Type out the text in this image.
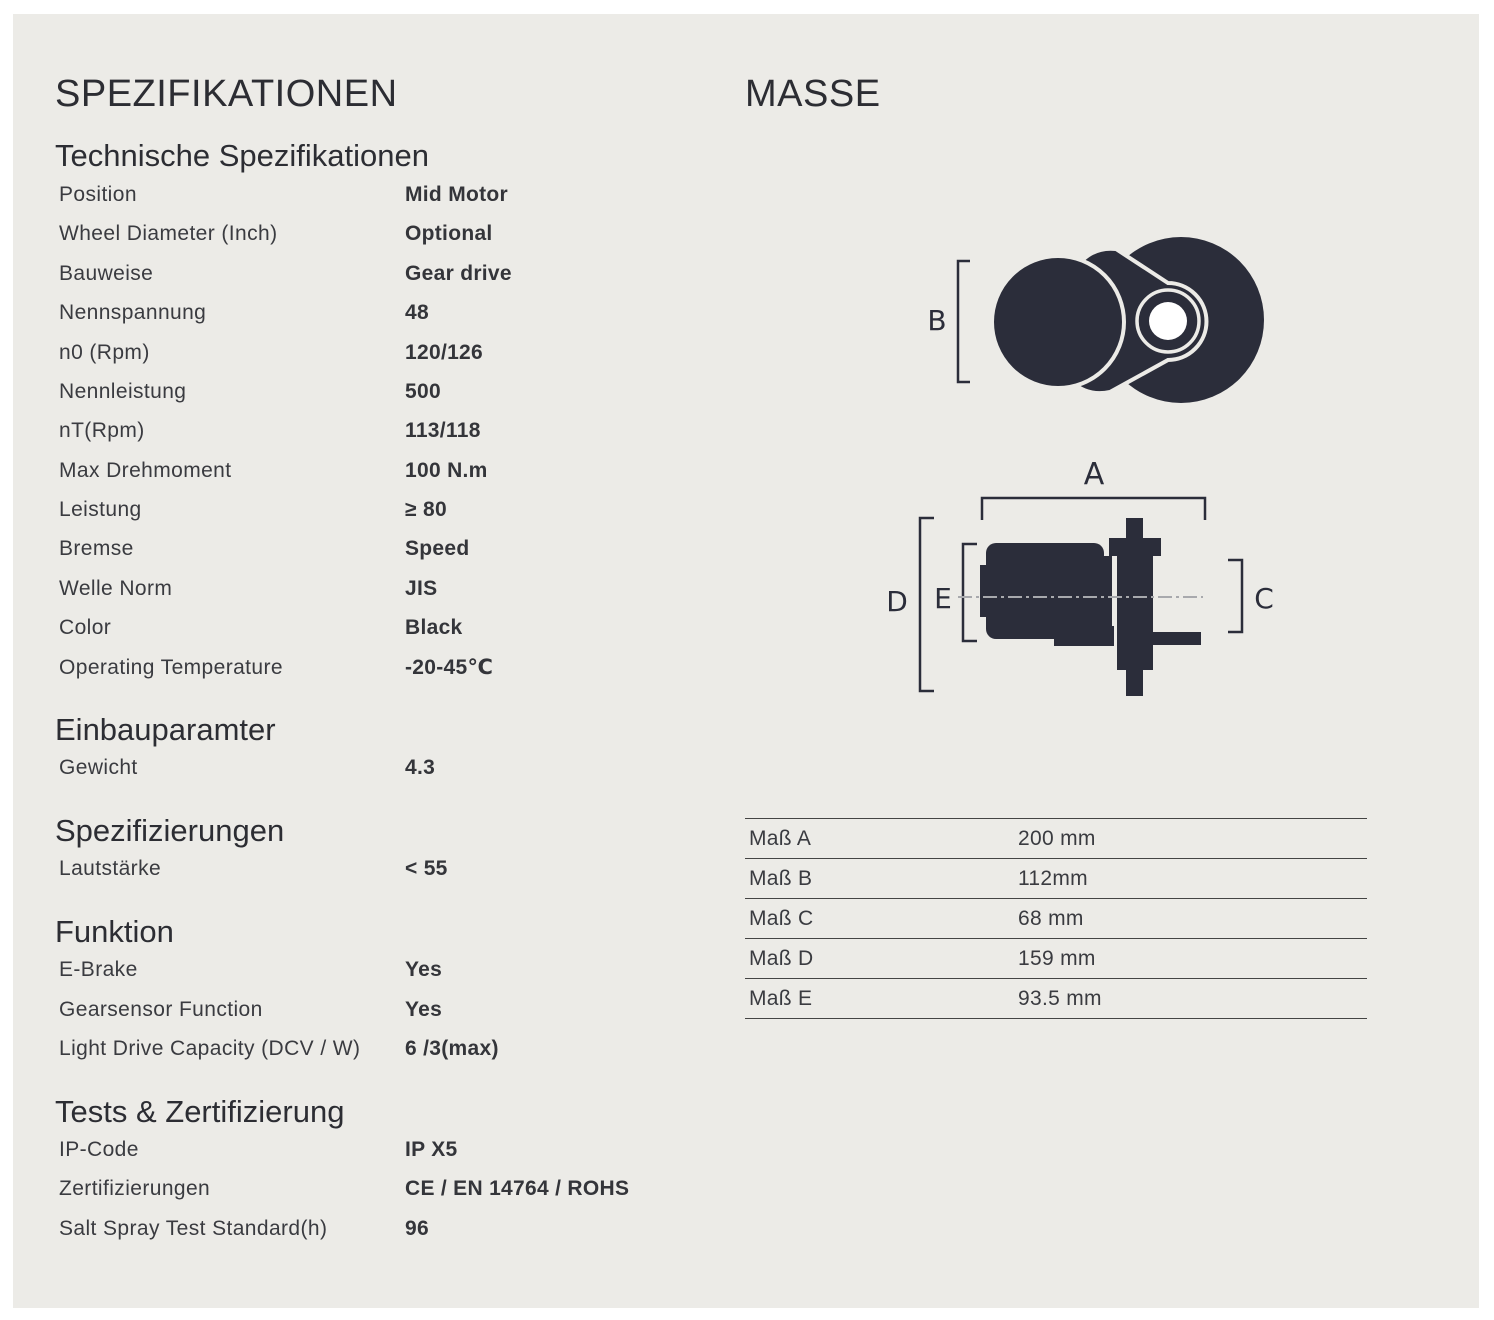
SPEZIFIKATIONEN
Technische Spezifikationen
Position	Mid Motor
Wheel Diameter (Inch)	Optional
Bauweise	Gear drive
Nennspannung	48
n0 (Rpm)	120/126
Nennleistung	500
nT(Rpm)	113/118
Max Drehmoment	100 N.m
Leistung	≥ 80
Bremse	Speed
Welle Norm	JIS
Color	Black
Operating Temperature	-20-45℃
Einbauparamter
Gewicht	4.3
Spezifizierungen
Lautstärke	< 55
Funktion
E-Brake	Yes
Gearsensor Function	Yes
Light Drive Capacity (DCV / W) 6 /3(max)
Tests & Zertifizierung
IP-Code	IP X5
Zertifizierungen	CE / EN 14764 / ROHS
Salt Spray Test Standard(h)	96
MASSE
B
A
D E	C
Maß A	200 mm
Maß B	112mm
Maß C	68 mm
Maß D	159 mm
Maß E	93.5 mm
